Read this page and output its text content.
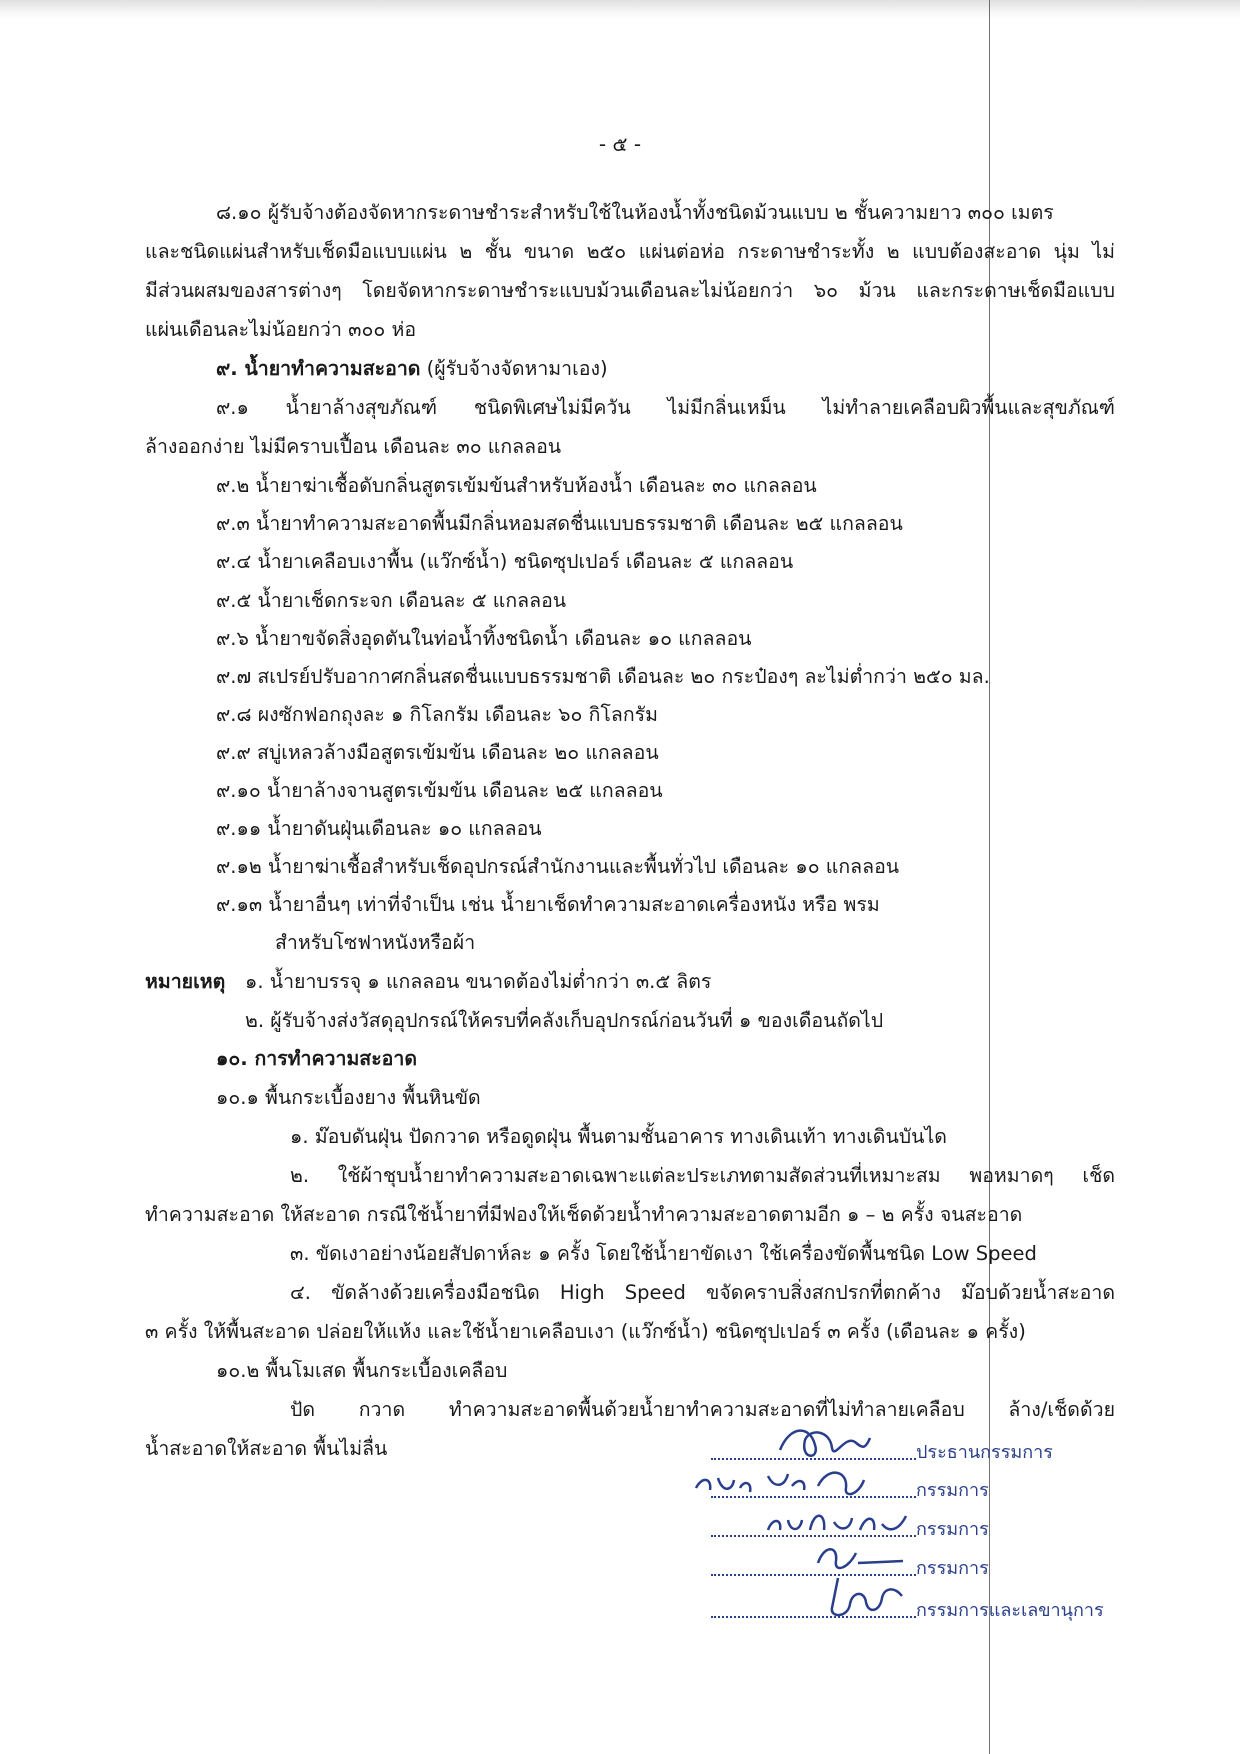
- ๕ -
๘.๑๐ ผู้รับจ้างต้องจัดหากระดาษชำระสำหรับใช้ในห้องน้ำทั้งชนิดม้วนแบบ ๒ ชั้นความยาว ๓๐๐ เมตร
และชนิดแผ่นสำหรับเช็ดมือแบบแผ่น ๒ ชั้น ขนาด ๒๕๐ แผ่นต่อห่อ กระดาษชำระทั้ง ๒ แบบต้องสะอาด นุ่ม ไม่
มีส่วนผสมของสารต่างๆ โดยจัดหากระดาษชำระแบบม้วนเดือนละไม่น้อยกว่า ๖๐ ม้วน และกระดาษเช็ดมือแบบ
แผ่นเดือนละไม่น้อยกว่า ๓๐๐ ห่อ
๙. น้ำยาทำความสะอาด (ผู้รับจ้างจัดหามาเอง)
๙.๑ น้ำยาล้างสุขภัณฑ์ ชนิดพิเศษไม่มีควัน ไม่มีกลิ่นเหม็น ไม่ทำลายเคลือบผิวพื้นและสุขภัณฑ์
ล้างออกง่าย ไม่มีคราบเปื้อน เดือนละ ๓๐ แกลลอน
๙.๒ น้ำยาฆ่าเชื้อดับกลิ่นสูตรเข้มข้นสำหรับห้องน้ำ เดือนละ ๓๐ แกลลอน
๙.๓ น้ำยาทำความสะอาดพื้นมีกลิ่นหอมสดชื่นแบบธรรมชาติ เดือนละ ๒๕ แกลลอน
๙.๔ น้ำยาเคลือบเงาพื้น (แว๊กซ์น้ำ) ชนิดซุปเปอร์ เดือนละ ๕ แกลลอน
๙.๕ น้ำยาเช็ดกระจก เดือนละ ๕ แกลลอน
๙.๖ น้ำยาขจัดสิ่งอุดตันในท่อน้ำทิ้งชนิดน้ำ เดือนละ ๑๐ แกลลอน
๙.๗ สเปรย์ปรับอากาศกลิ่นสดชื่นแบบธรรมชาติ เดือนละ ๒๐ กระป๋องๆ ละไม่ต่ำกว่า ๒๕๐ มล.
๙.๘ ผงซักฟอกถุงละ ๑ กิโลกรัม เดือนละ ๖๐ กิโลกรัม
๙.๙ สบู่เหลวล้างมือสูตรเข้มข้น เดือนละ ๒๐ แกลลอน
๙.๑๐ น้ำยาล้างจานสูตรเข้มข้น เดือนละ ๒๕ แกลลอน
๙.๑๑ น้ำยาดันฝุ่นเดือนละ ๑๐ แกลลอน
๙.๑๒ น้ำยาฆ่าเชื้อสำหรับเช็ดอุปกรณ์สำนักงานและพื้นทั่วไป เดือนละ ๑๐ แกลลอน
๙.๑๓ น้ำยาอื่นๆ เท่าที่จำเป็น เช่น น้ำยาเช็ดทำความสะอาดเครื่องหนัง หรือ พรม
สำหรับโซฟาหนังหรือผ้า
หมายเหตุ ๑. น้ำยาบรรจุ ๑ แกลลอน ขนาดต้องไม่ต่ำกว่า ๓.๕ ลิตร
๒. ผู้รับจ้างส่งวัสดุอุปกรณ์ให้ครบที่คลังเก็บอุปกรณ์ก่อนวันที่ ๑ ของเดือนถัดไป
๑๐. การทำความสะอาด
๑๐.๑ พื้นกระเบื้องยาง พื้นหินขัด
๑. ม๊อบดันฝุ่น ปัดกวาด หรือดูดฝุ่น พื้นตามชั้นอาคาร ทางเดินเท้า ทางเดินบันได
๒. ใช้ผ้าชุบน้ำยาทำความสะอาดเฉพาะแต่ละประเภทตามสัดส่วนที่เหมาะสม พอหมาดๆ เช็ด
ทำความสะอาด ให้สะอาด กรณีใช้น้ำยาที่มีฟองให้เช็ดด้วยน้ำทำความสะอาดตามอีก ๑ – ๒ ครั้ง จนสะอาด
๓. ขัดเงาอย่างน้อยสัปดาห์ละ ๑ ครั้ง โดยใช้น้ำยาขัดเงา ใช้เครื่องขัดพื้นชนิด Low Speed
๔. ขัดล้างด้วยเครื่องมือชนิด High Speed ขจัดคราบสิ่งสกปรกที่ตกค้าง ม๊อบด้วยน้ำสะอาด
๓ ครั้ง ให้พื้นสะอาด ปล่อยให้แห้ง และใช้น้ำยาเคลือบเงา (แว๊กซ์น้ำ) ชนิดซุปเปอร์ ๓ ครั้ง (เดือนละ ๑ ครั้ง)
๑๐.๒ พื้นโมเสด พื้นกระเบื้องเคลือบ
ปัด กวาด ทำความสะอาดพื้นด้วยน้ำยาทำความสะอาดที่ไม่ทำลายเคลือบ ล้าง/เช็ดด้วย
น้ำสะอาดให้สะอาด พื้นไม่ลื่น	ประธานกรรมการ
กรรมการ
กรรมการ
กรรมการ
กรรมการและเลขานุการ
